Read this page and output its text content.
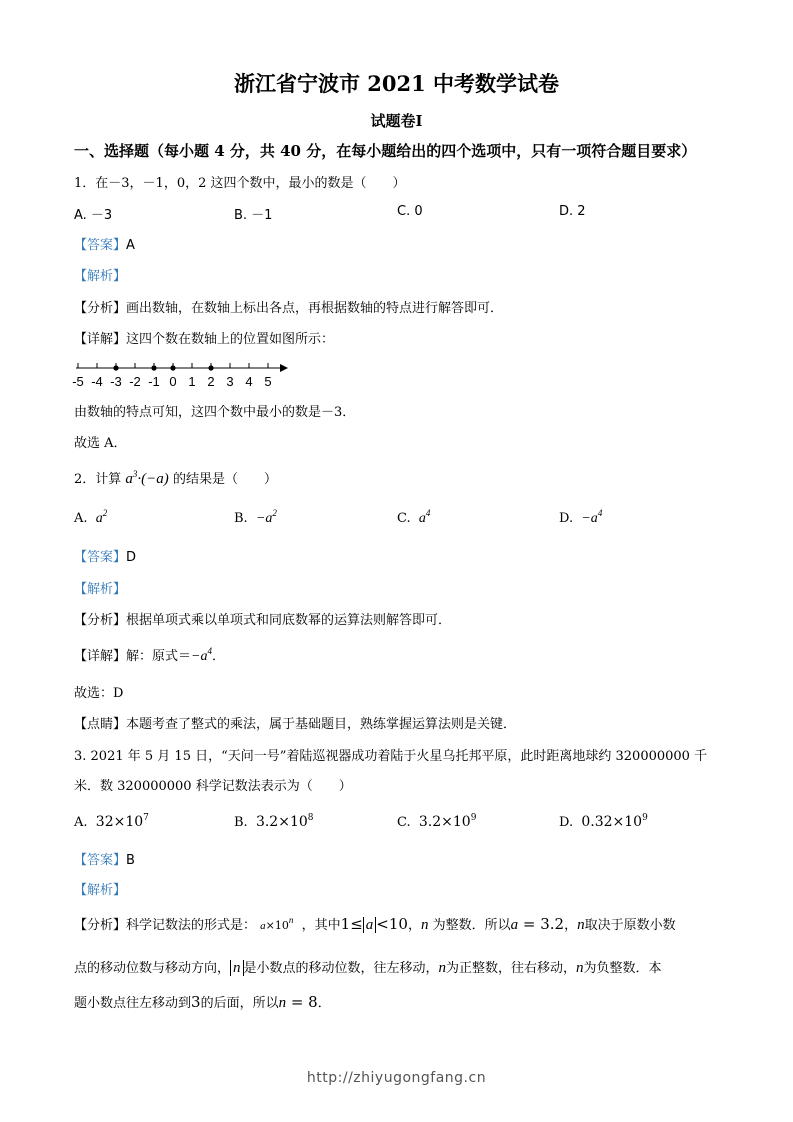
浙江省宁波市 2021 中考数学试卷
试题卷Ⅰ
一、选择题（每小题 4 分，共 40 分，在每小题给出的四个选项中，只有一项符合题目要求）
1．在－3，－1，0，2 这四个数中，最小的数是（　　）
A. －3	B. －1	C. 0	D. 2
【答案】A
【解析】
【分析】画出数轴，在数轴上标出各点，再根据数轴的特点进行解答即可．
【详解】这四个数在数轴上的位置如图所示：
-5 -4 -3 -2 -1 0 1 2 3 4 5
由数轴的特点可知，这四个数中最小的数是－3．
故选 A．
2．计算 $a^3\cdot(-a)$ 的结果是（　　）
A. $a^2$	B. $-a^2$	C. $a^4$	D. $-a^4$
【答案】D
【解析】
【分析】根据单项式乘以单项式和同底数幂的运算法则解答即可．
【详解】解：原式$=-a^4$．
故选：D
【点睛】本题考查了整式的乘法，属于基础题目，熟练掌握运算法则是关键．
3. 2021 年 5 月 15 日，“天问一号”着陆巡视器成功着陆于火星乌托邦平原，此时距离地球约 320000000 千
米．数 320000000 科学记数法表示为（　　）
A. $32\times 10^7$	B. $3.2\times 10^8$	C. $3.2\times 10^9$	D. $0.32\times 10^9$
【答案】B
【解析】
【分析】科学记数法的形式是： $a\times 10^n$ ，其中1≤ a <10，n 为整数．所以a = 3.2，n取决于原数小数
点的移动位数与移动方向， n 是小数点的移动位数，往左移动，n为正整数，往右移动，n为负整数．本
题小数点往左移动到3的后面，所以n = 8．
http://zhiyugongfang.cn
